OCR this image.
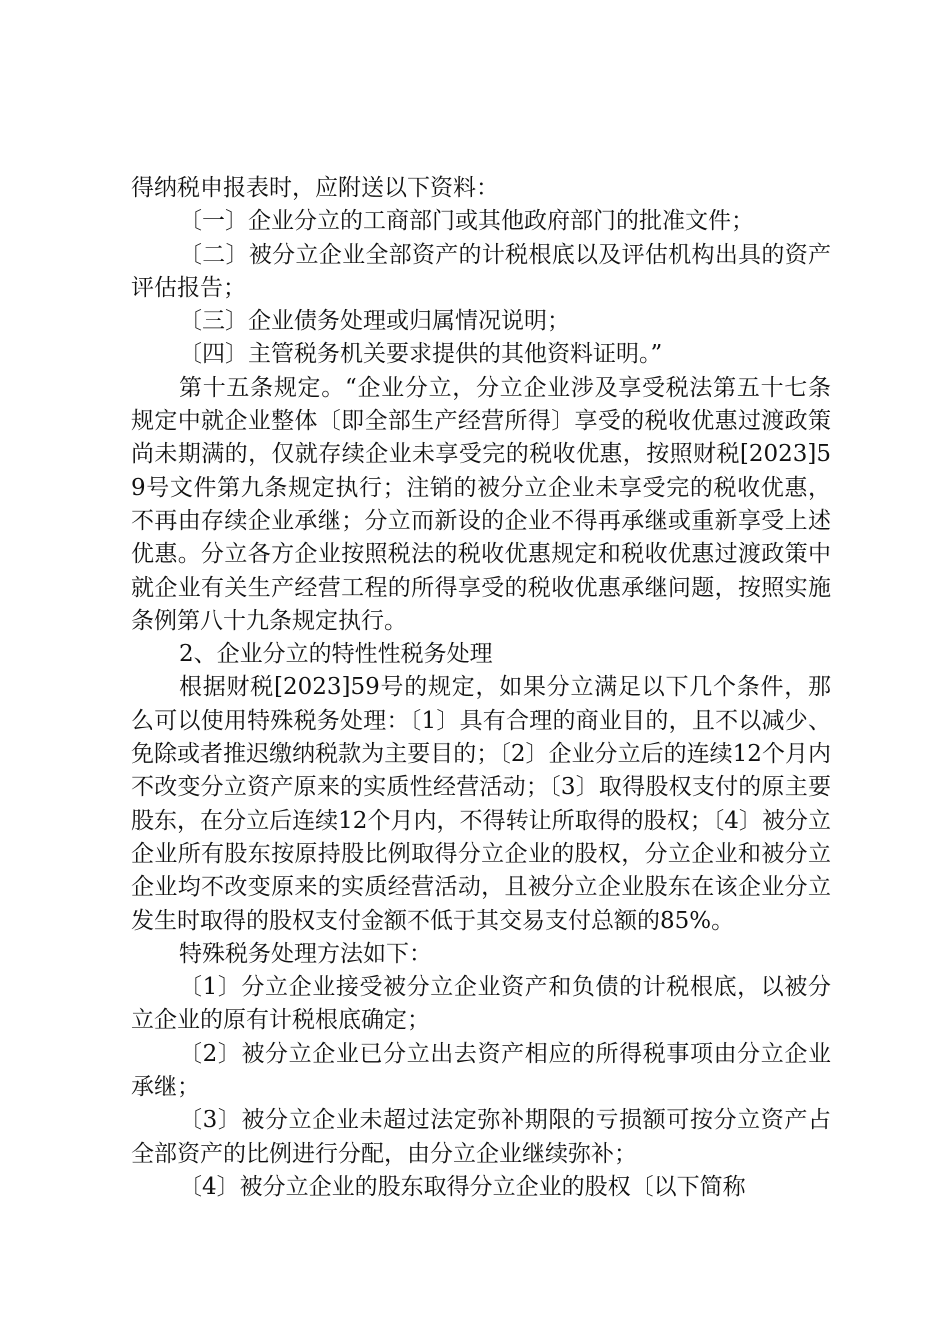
得纳税申报表时，应附送以下资料：

〔一〕企业分立的工商部门或其他政府部门的批准文件；

〔二〕被分立企业全部资产的计税根底以及评估机构出具的资产评估报告；

〔三〕企业债务处理或归属情况说明；

〔四〕主管税务机关要求提供的其他资料证明。”

第十五条规定。“企业分立，分立企业涉及享受税法第五十七条规定中就企业整体〔即全部生产经营所得〕享受的税收优惠过渡政策尚未期满的，仅就存续企业未享受完的税收优惠，按照财税[2023]59号文件第九条规定执行；注销的被分立企业未享受完的税收优惠，不再由存续企业承继；分立而新设的企业不得再承继或重新享受上述优惠。分立各方企业按照税法的税收优惠规定和税收优惠过渡政策中就企业有关生产经营工程的所得享受的税收优惠承继问题，按照实施条例第八十九条规定执行。

2、企业分立的特性性税务处理

根据财税[2023]59号的规定，如果分立满足以下几个条件，那么可以使用特殊税务处理：〔1〕具有合理的商业目的，且不以减少、免除或者推迟缴纳税款为主要目的；〔2〕企业分立后的连续12个月内不改变分立资产原来的实质性经营活动；〔3〕取得股权支付的原主要股东，在分立后连续12个月内，不得转让所取得的股权；〔4〕被分立企业所有股东按原持股比例取得分立企业的股权，分立企业和被分立企业均不改变原来的实质经营活动，且被分立企业股东在该企业分立发生时取得的股权支付金额不低于其交易支付总额的85%。

特殊税务处理方法如下：

〔1〕分立企业接受被分立企业资产和负债的计税根底，以被分立企业的原有计税根底确定；

〔2〕被分立企业已分立出去资产相应的所得税事项由分立企业承继；

〔3〕被分立企业未超过法定弥补期限的亏损额可按分立资产占全部资产的比例进行分配，由分立企业继续弥补；

〔4〕被分立企业的股东取得分立企业的股权〔以下简称
